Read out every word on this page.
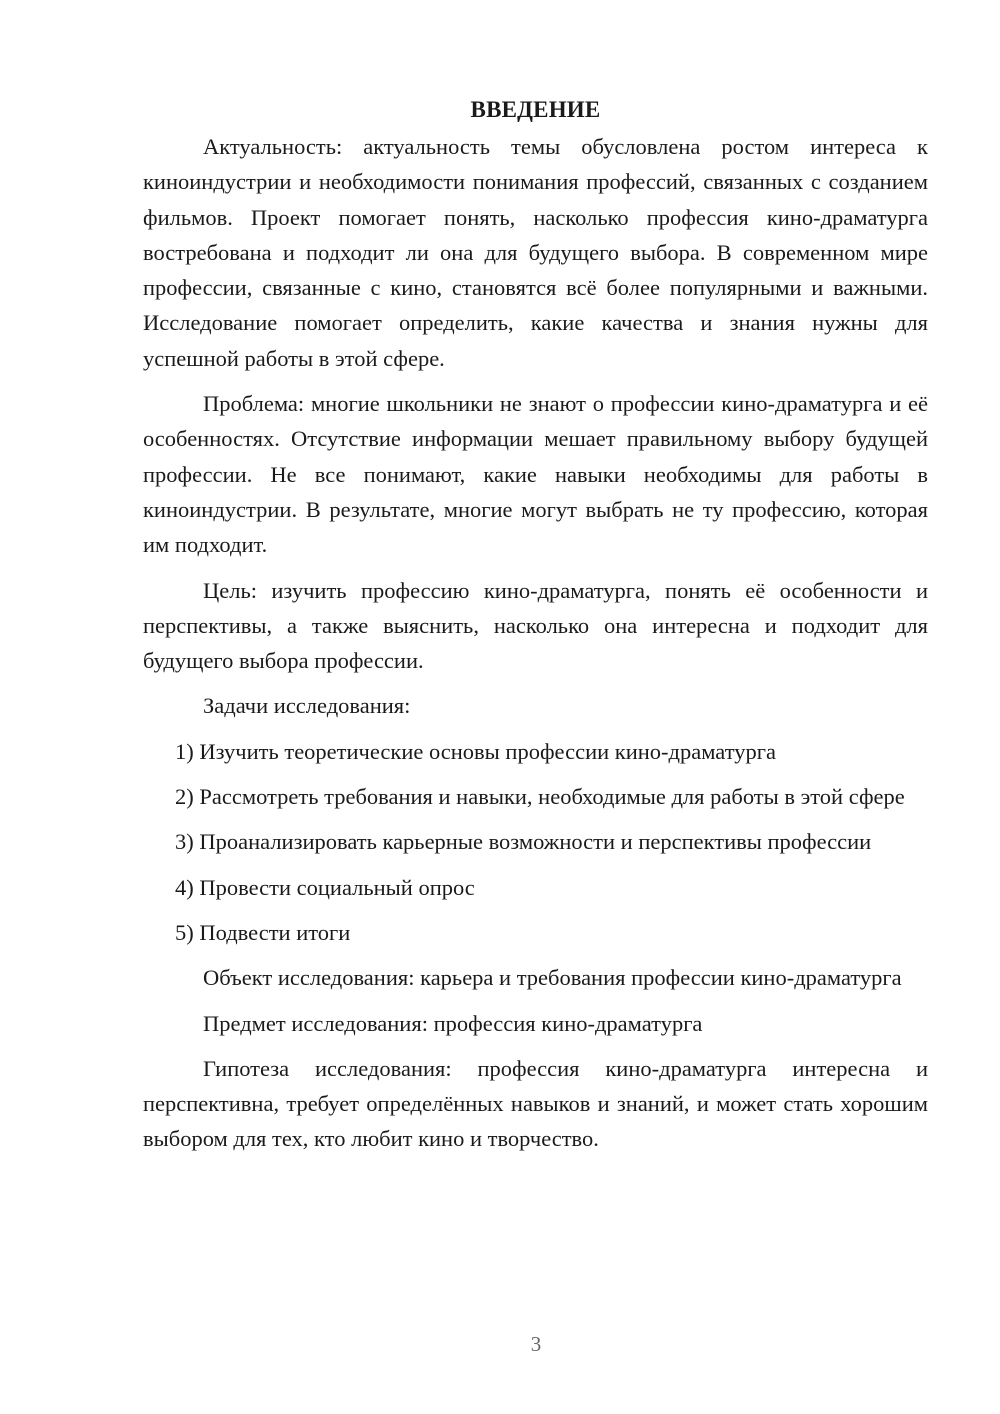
ВВЕДЕНИЕ

Актуальность: актуальность темы обусловлена ростом интереса к киноиндустрии и необходимости понимания профессий, связанных с созданием фильмов. Проект помогает понять, насколько профессия кино-драматурга востребована и подходит ли она для будущего выбора. В современном мире профессии, связанные с кино, становятся всё более популярными и важными. Исследование помогает определить, какие качества и знания нужны для успешной работы в этой сфере.

Проблема: многие школьники не знают о профессии кино-драматурга и её особенностях. Отсутствие информации мешает правильному выбору будущей профессии. Не все понимают, какие навыки необходимы для работы в киноиндустрии. В результате, многие могут выбрать не ту профессию, которая им подходит.

Цель: изучить профессию кино-драматурга, понять её особенности и перспективы, а также выяснить, насколько она интересна и подходит для будущего выбора профессии.

Задачи исследования:

1) Изучить теоретические основы профессии кино-драматурга

2) Рассмотреть требования и навыки, необходимые для работы в этой сфере

3) Проанализировать карьерные возможности и перспективы профессии

4) Провести социальный опрос

5) Подвести итоги

Объект исследования: карьера и требования профессии кино-драматурга

Предмет исследования: профессия кино-драматурга

Гипотеза исследования: профессия кино-драматурга интересна и перспективна, требует определённых навыков и знаний, и может стать хорошим выбором для тех, кто любит кино и творчество.

3
